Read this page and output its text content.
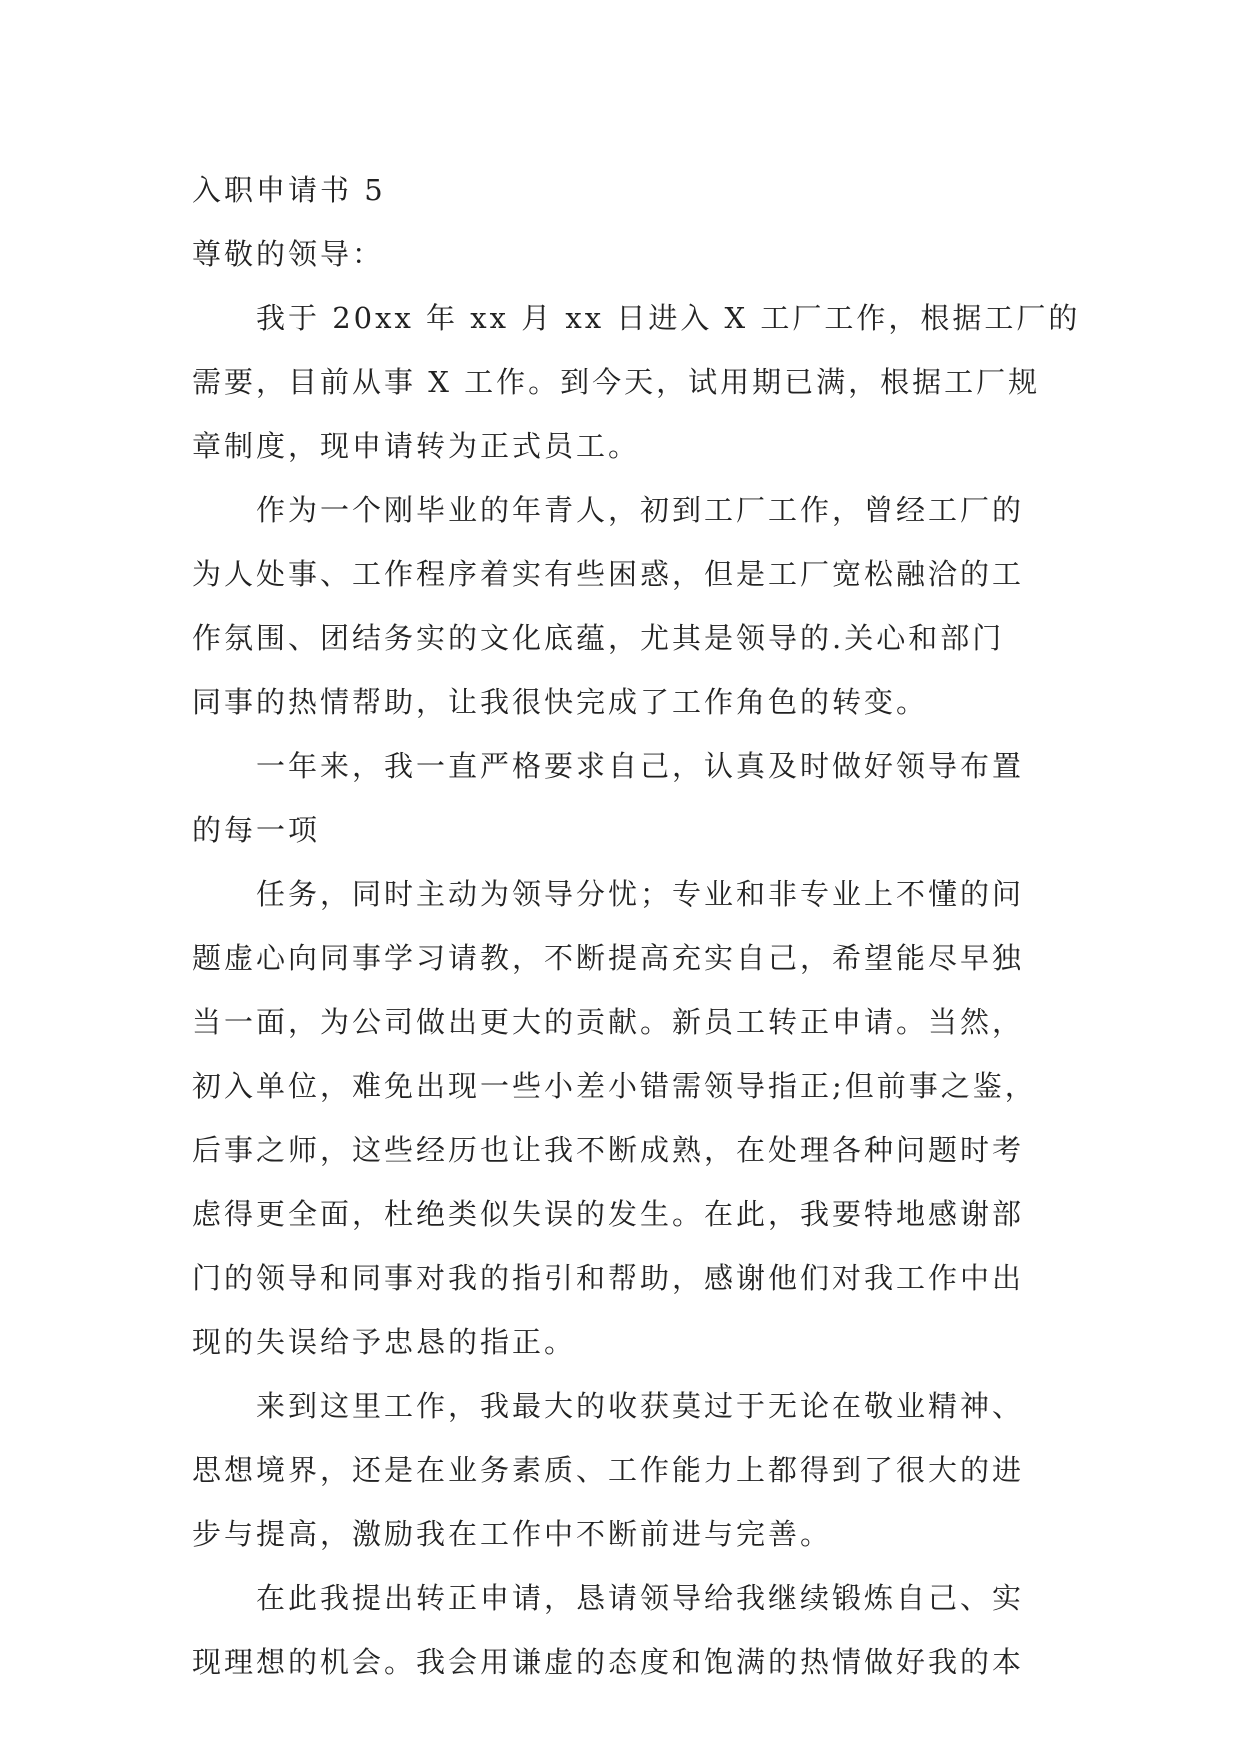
入职申请书 5
尊敬的领导：
我于 20xx 年 xx 月 xx 日进入 X 工厂工作，根据工厂的
需要，目前从事 X 工作。到今天，试用期已满，根据工厂规
章制度，现申请转为正式员工。
作为一个刚毕业的年青人，初到工厂工作，曾经工厂的
为人处事、工作程序着实有些困惑，但是工厂宽松融洽的工
作氛围、团结务实的文化底蕴，尤其是领导的.关心和部门
同事的热情帮助，让我很快完成了工作角色的转变。
一年来，我一直严格要求自己，认真及时做好领导布置
的每一项
任务，同时主动为领导分忧；专业和非专业上不懂的问
题虚心向同事学习请教，不断提高充实自己，希望能尽早独
当一面，为公司做出更大的贡献。新员工转正申请。当然，
初入单位，难免出现一些小差小错需领导指正;但前事之鉴，
后事之师，这些经历也让我不断成熟，在处理各种问题时考
虑得更全面，杜绝类似失误的发生。在此，我要特地感谢部
门的领导和同事对我的指引和帮助，感谢他们对我工作中出
现的失误给予忠恳的指正。
来到这里工作，我最大的收获莫过于无论在敬业精神、
思想境界，还是在业务素质、工作能力上都得到了很大的进
步与提高，激励我在工作中不断前进与完善。
在此我提出转正申请，恳请领导给我继续锻炼自己、实
现理想的机会。我会用谦虚的态度和饱满的热情做好我的本
